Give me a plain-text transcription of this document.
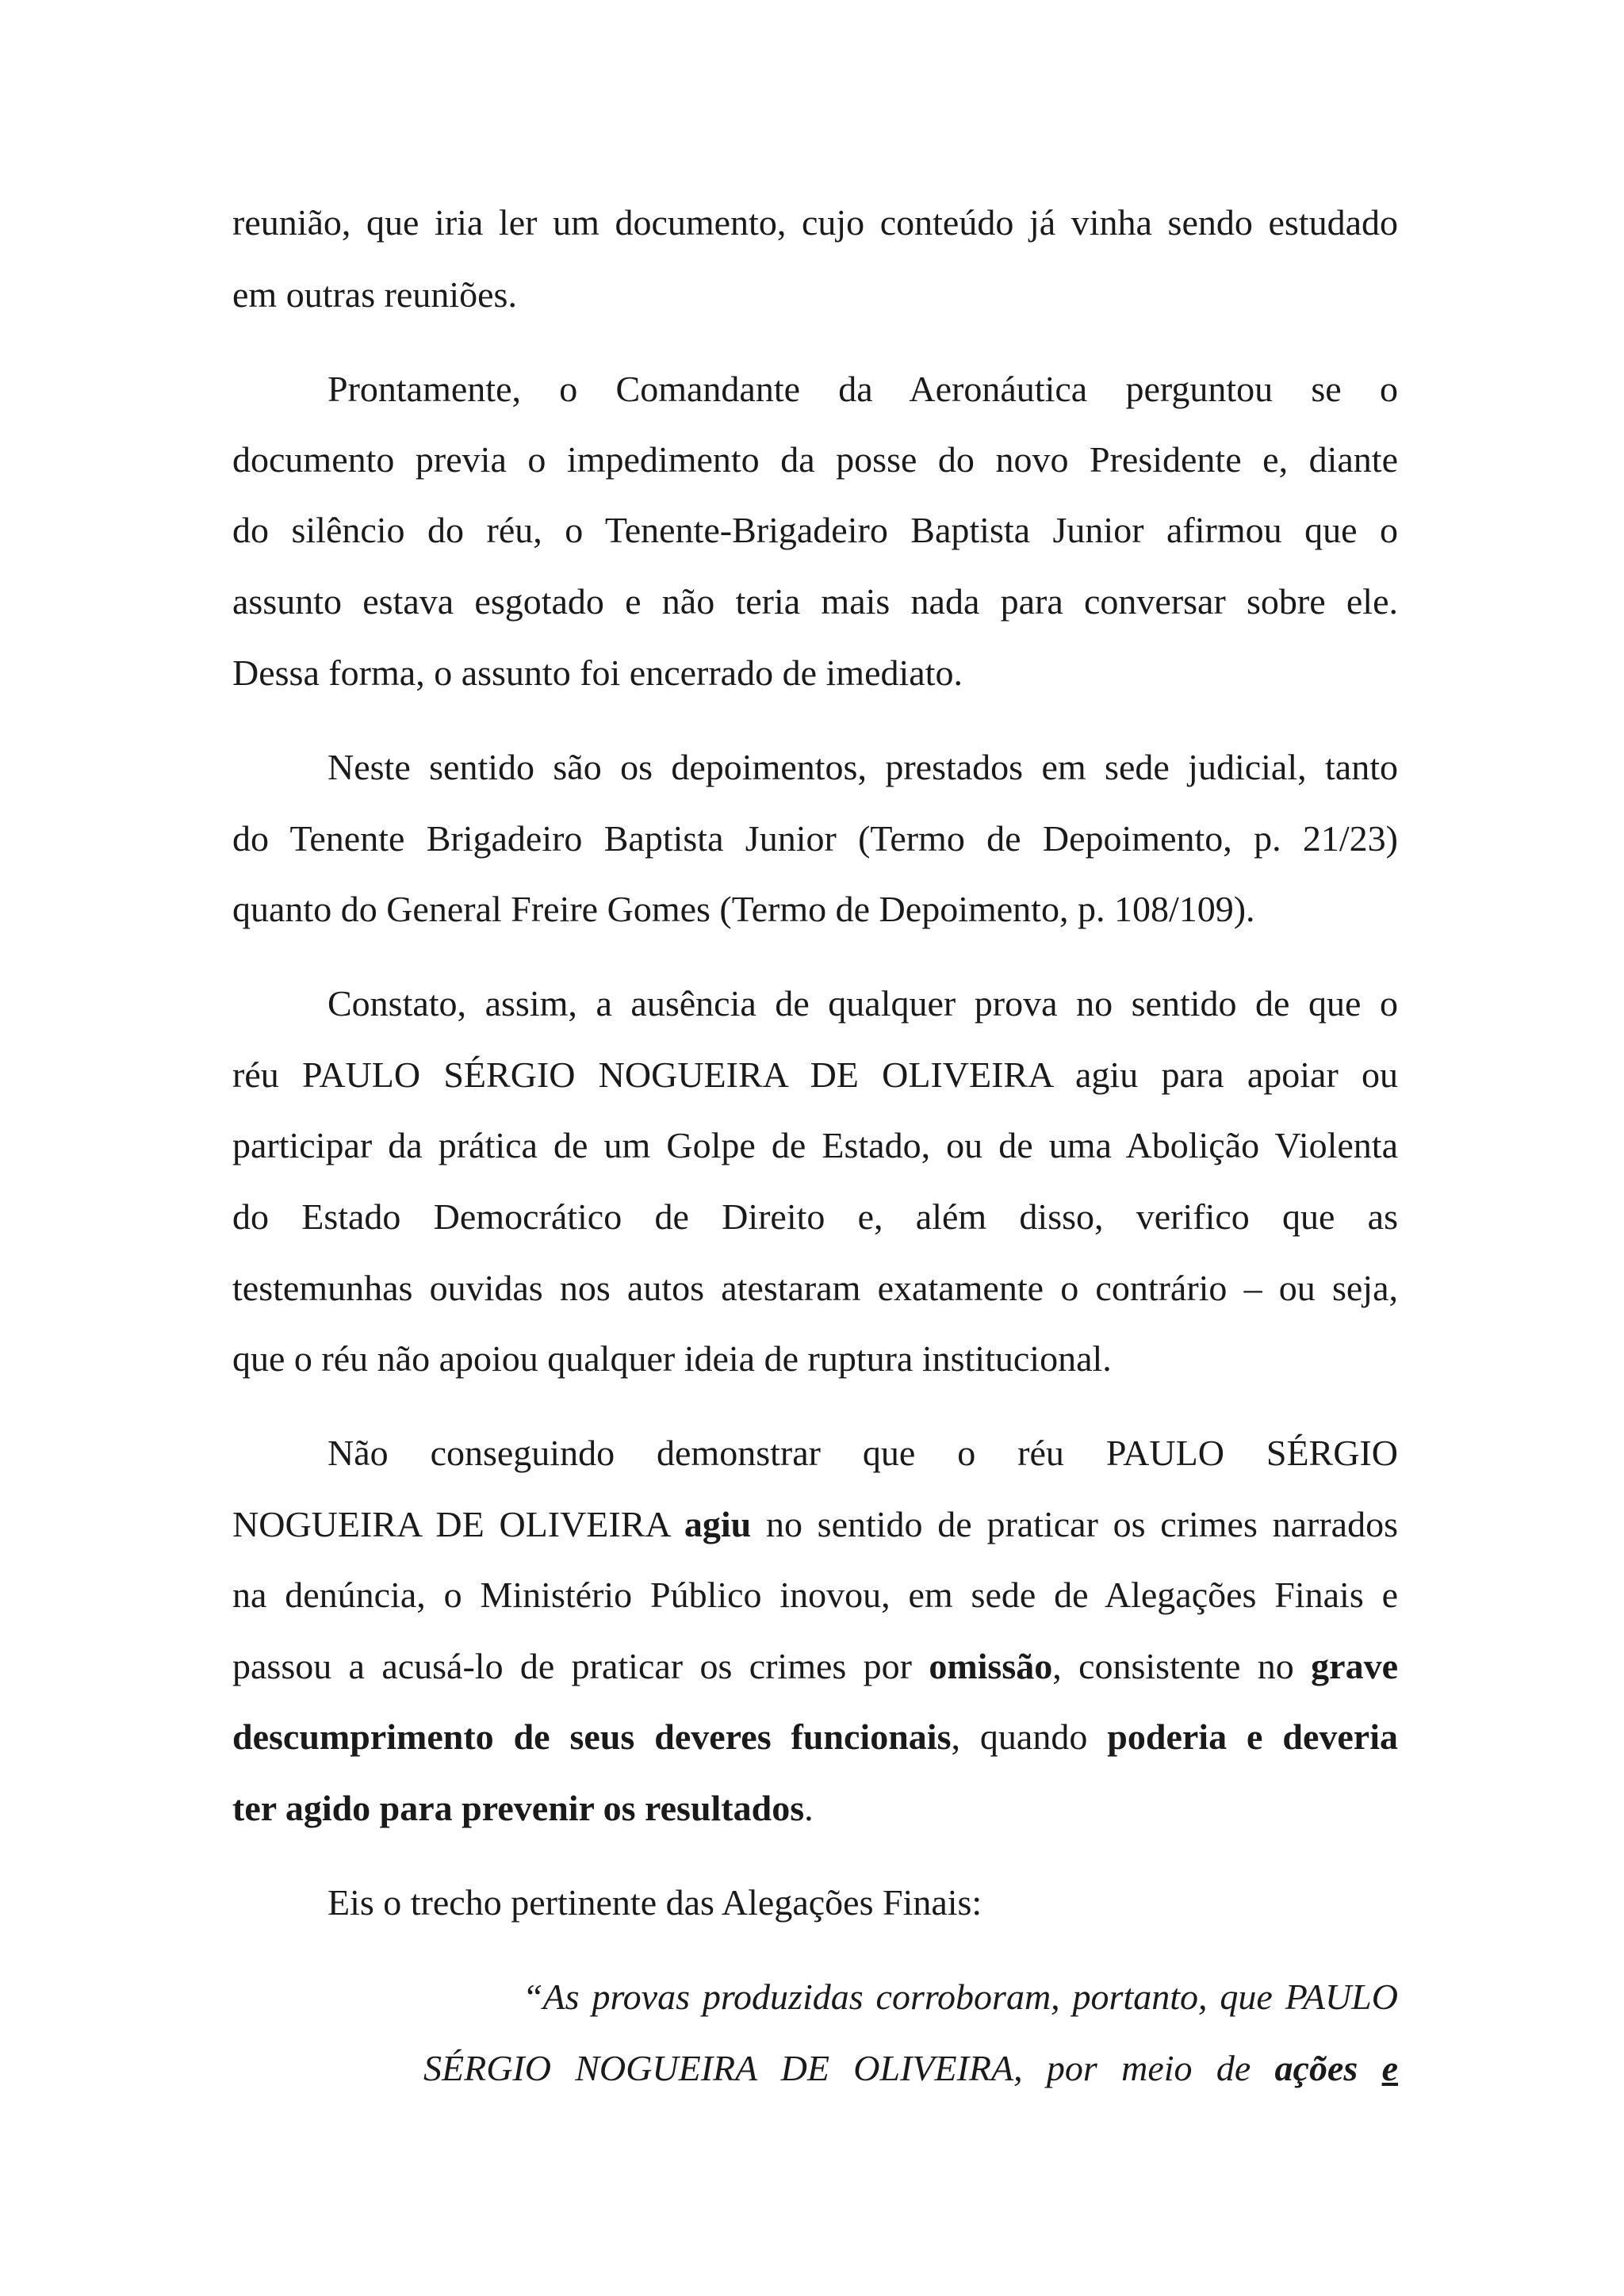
reunião, que iria ler um documento, cujo conteúdo já vinha sendo estudado
em outras reuniões.
Prontamente, o Comandante da Aeronáutica perguntou se o
documento previa o impedimento da posse do novo Presidente e, diante
do silêncio do réu, o Tenente-Brigadeiro Baptista Junior afirmou que o
assunto estava esgotado e não teria mais nada para conversar sobre ele.
Dessa forma, o assunto foi encerrado de imediato.
Neste sentido são os depoimentos, prestados em sede judicial, tanto
do Tenente Brigadeiro Baptista Junior (Termo de Depoimento, p. 21/23)
quanto do General Freire Gomes (Termo de Depoimento, p. 108/109).
Constato, assim, a ausência de qualquer prova no sentido de que o
réu PAULO SÉRGIO NOGUEIRA DE OLIVEIRA agiu para apoiar ou
participar da prática de um Golpe de Estado, ou de uma Abolição Violenta
do Estado Democrático de Direito e, além disso, verifico que as
testemunhas ouvidas nos autos atestaram exatamente o contrário – ou seja,
que o réu não apoiou qualquer ideia de ruptura institucional.
Não conseguindo demonstrar que o réu PAULO SÉRGIO
NOGUEIRA DE OLIVEIRA agiu no sentido de praticar os crimes narrados
na denúncia, o Ministério Público inovou, em sede de Alegações Finais e
passou a acusá-lo de praticar os crimes por omissão, consistente no grave
descumprimento de seus deveres funcionais, quando poderia e deveria
ter agido para prevenir os resultados.
Eis o trecho pertinente das Alegações Finais:
“As provas produzidas corroboram, portanto, que PAULO
SÉRGIO NOGUEIRA DE OLIVEIRA, por meio de ações e
